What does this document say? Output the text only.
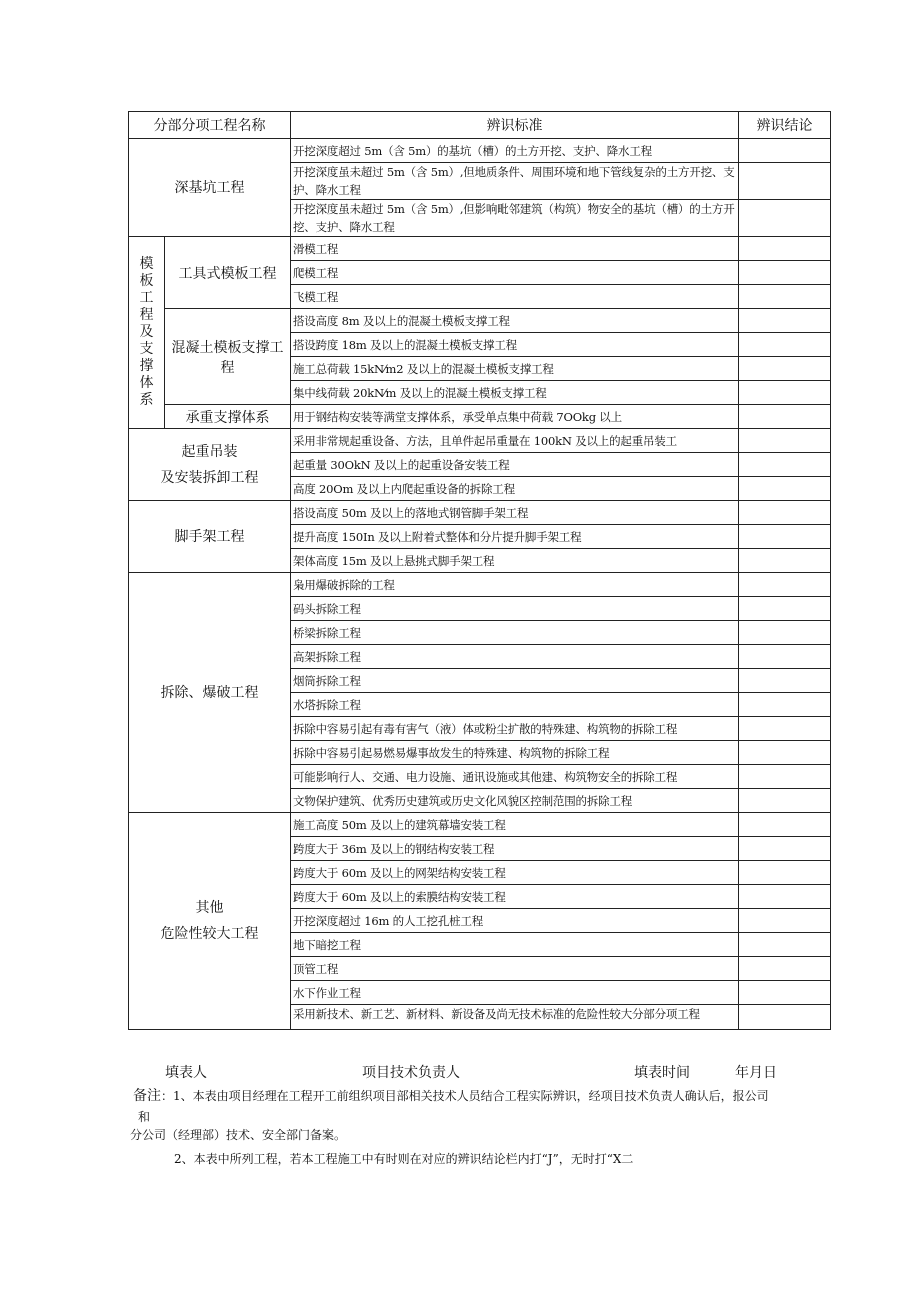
分部分项工程名称		辨识标准	辨识结论
深基坑工程		开挖深度超过 5m（含 5m）的基坑（槽）的土方开挖、支护、降水工程	
		开挖深度虽未超过 5m（含 5m）,但地质条件、周围环境和地下管线复杂的土方开挖、支护、降水工程	
		开挖深度虽未超过 5m（含 5m）,但影响毗邻建筑（构筑）物安全的基坑（槽）的土方开挖、支护、降水工程	

模板工程及支撑体系	工具式模板工程	滑模工程	
		爬模工程	
		飞模工程	
	混凝土模板支撑工程	搭设高度 8m 及以上的混凝土模板支撑工程	
		搭设跨度 18m 及以上的混凝土模板支撑工程	
		施工总荷载 15kN⁄m2 及以上的混凝土模板支撑工程	
		集中线荷载 20kN⁄m 及以上的混凝土模板支撑工程	
	承重支撑体系	用于钢结构安装等满堂支撑体系，承受单点集中荷载 7OOkg 以上	

起重吊装
及安装拆卸工程		采用非常规起重设备、方法，且单件起吊重量在 100kN 及以上的起重吊装工	

		起重量 30OkN 及以上的起重设备安装工程	
		高度 20Om 及以上内爬起重设备的拆除工程	
脚手架工程		搭设高度 50m 及以上的落地式钢管脚手架工程	
		提升高度 150In 及以上附着式整体和分片提升脚手架工程	
		架体高度 15m 及以上悬挑式脚手架工程	
拆除、爆破工程		枭用爆破拆除的工程	
		码头拆除工程	
		桥梁拆除工程	
		高架拆除工程	
		烟筒拆除工程	
		水塔拆除工程	

		拆除中容易引起有毒有害气（液）体或粉尘扩散的特殊建、构筑物的拆除工程	

		拆除中容易引起易燃易爆事故发生的特殊建、构筑物的拆除工程	

		可能影响行人、交通、电力设施、通讯设施或其他建、构筑物安全的拆除工程	

		文物保护建筑、优秀历史建筑或历史文化风貌区控制范围的拆除工程	

其他
危险性较大工程		施工高度 50m 及以上的建筑幕墙安装工程	
		跨度大于 36m 及以上的钢结构安装工程	
		跨度大于 60m 及以上的网架结构安装工程	
		跨度大于 60m 及以上的索膜结构安装工程	
		开挖深度超过 16m 的人工挖孔桩工程	
		地下暗挖工程	
		顶管工程	
		水下作业工程	

		采用新技术、新工艺、新材料、新设备及尚无技术标准的危险性较大分部分项工程	

填表人	项目技术负责人	填表时间	年月日
备注：1、本表由项目经理在工程开工前组织项目部相关技术人员结合工程实际辨识，经项目技术负责人确认后，报公司
和
分公司（经理部）技术、安全部门备案。
2、本表中所列工程，若本工程施工中有时则在对应的辨识结论栏内打“J”，无时打“X二
